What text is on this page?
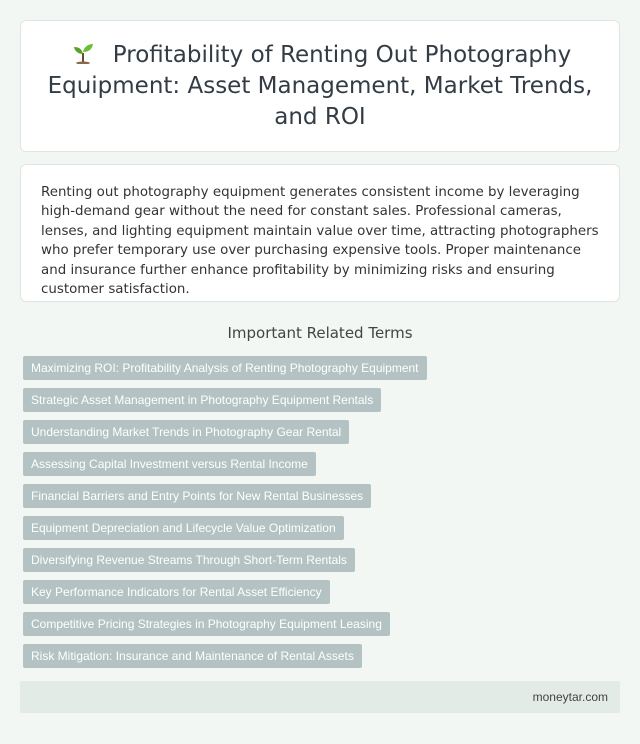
Profitability of Renting Out Photography Equipment: Asset Management, Market Trends, and ROI

Renting out photography equipment generates consistent income by leveraging high-demand gear without the need for constant sales. Professional cameras, lenses, and lighting equipment maintain value over time, attracting photographers who prefer temporary use over purchasing expensive tools. Proper maintenance and insurance further enhance profitability by minimizing risks and ensuring customer satisfaction.

Important Related Terms
Maximizing ROI: Profitability Analysis of Renting Photography Equipment
Strategic Asset Management in Photography Equipment Rentals
Understanding Market Trends in Photography Gear Rental
Assessing Capital Investment versus Rental Income
Financial Barriers and Entry Points for New Rental Businesses
Equipment Depreciation and Lifecycle Value Optimization
Diversifying Revenue Streams Through Short-Term Rentals
Key Performance Indicators for Rental Asset Efficiency
Competitive Pricing Strategies in Photography Equipment Leasing
Risk Mitigation: Insurance and Maintenance of Rental Assets
moneytar.com
